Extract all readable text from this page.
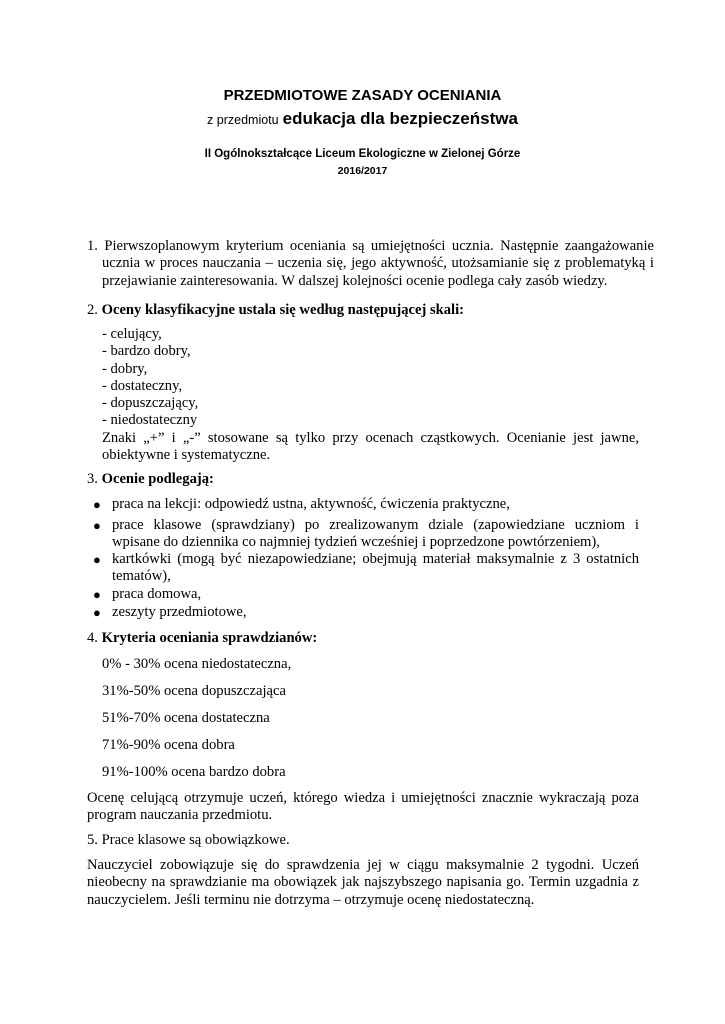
PRZEDMIOTOWE ZASADY OCENIANIA
z przedmiotu edukacja dla bezpieczeństwa
II Ogólnokształcące Liceum Ekologiczne w Zielonej Górze
2016/2017
1. Pierwszoplanowym kryterium oceniania są umiejętności ucznia. Następnie zaangażowanie ucznia w proces nauczania – uczenia się, jego aktywność, utożsamianie się z problematyką i przejawianie zainteresowania. W dalszej kolejności ocenie podlega cały zasób wiedzy.
2. Oceny klasyfikacyjne ustala się według następującej skali:
- celujący,
- bardzo dobry,
- dobry,
- dostateczny,
- dopuszczający,
- niedostateczny
Znaki „+” i „-” stosowane są tylko przy ocenach cząstkowych. Ocenianie jest jawne, obiektywne i systematyczne.
3. Ocenie podlegają:
● praca na lekcji: odpowiedź ustna, aktywność, ćwiczenia praktyczne,
● prace klasowe (sprawdziany) po zrealizowanym dziale (zapowiedziane uczniom i wpisane do dziennika co najmniej tydzień wcześniej i poprzedzone powtórzeniem),
● kartkówki (mogą być niezapowiedziane; obejmują materiał maksymalnie z 3 ostatnich tematów),
● praca domowa,
● zeszyty przedmiotowe,
4. Kryteria oceniania sprawdzianów:
0% - 30% ocena niedostateczna,
31%-50% ocena dopuszczająca
51%-70% ocena dostateczna
71%-90% ocena dobra
91%-100% ocena bardzo dobra
Ocenę celującą otrzymuje uczeń, którego wiedza i umiejętności znacznie wykraczają poza program nauczania przedmiotu.
5. Prace klasowe są obowiązkowe.
Nauczyciel zobowiązuje się do sprawdzenia jej w ciągu maksymalnie 2 tygodni. Uczeń nieobecny na sprawdzianie ma obowiązek jak najszybszego napisania go. Termin uzgadnia z nauczycielem. Jeśli terminu nie dotrzyma – otrzymuje ocenę niedostateczną.
